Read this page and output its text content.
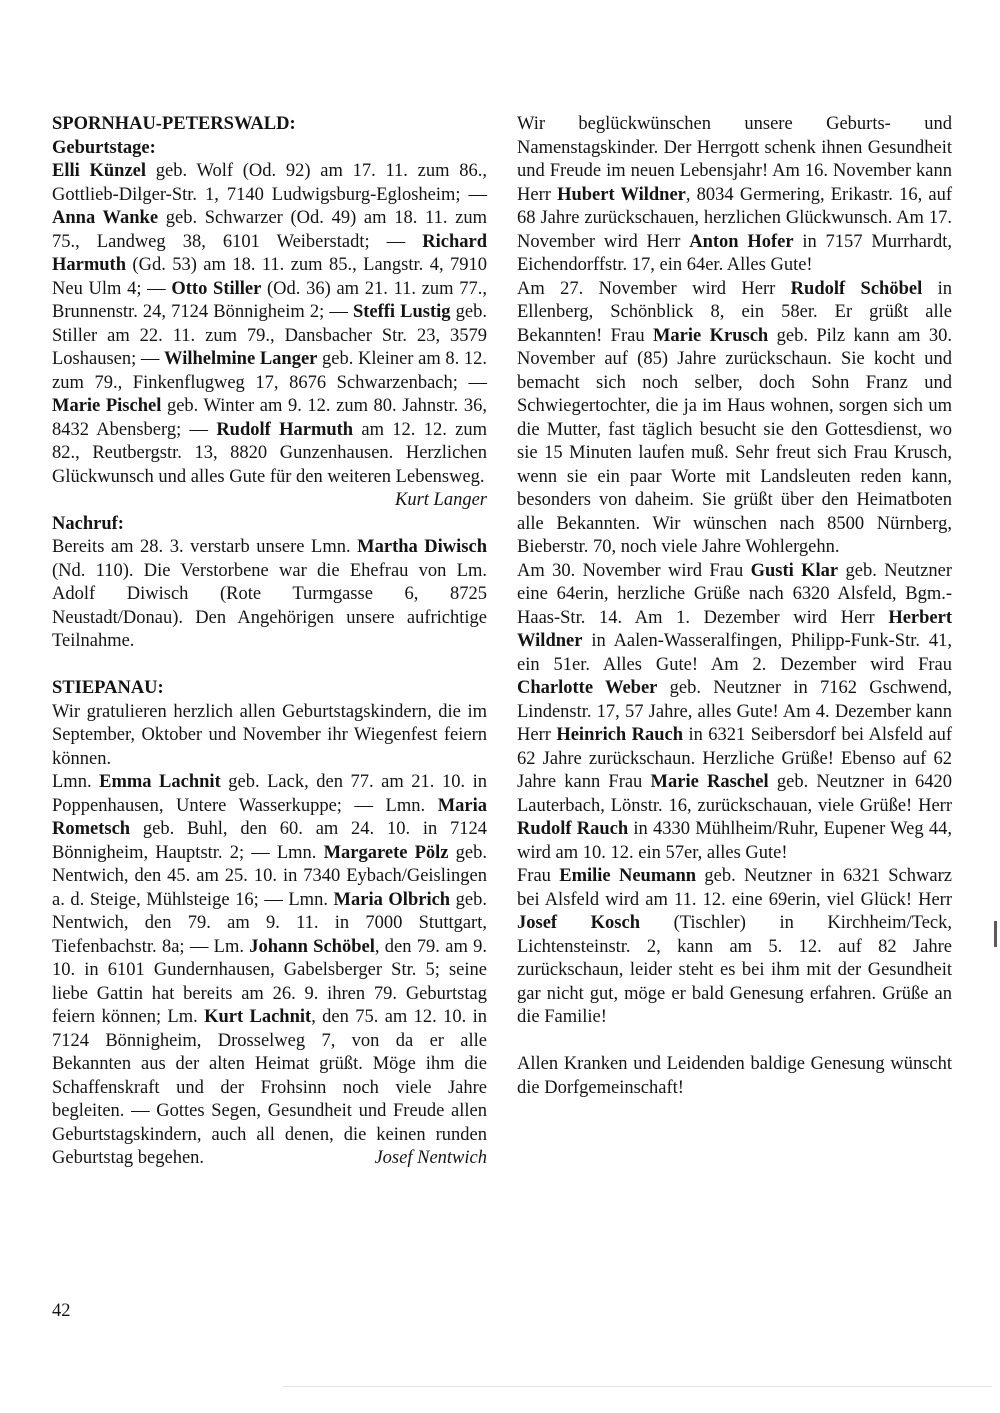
SPORNHAU-PETERSWALD:
Geburtstage:

Elli Künzel geb. Wolf (Od. 92) am 17. 11. zum 86., Gottlieb-Dilger-Str. 1, 7140 Ludwigsburg-Eglosheim; — Anna Wanke geb. Schwarzer (Od. 49) am 18. 11. zum 75., Landweg 38, 6101 Weiberstadt; — Richard Harmuth (Gd. 53) am 18. 11. zum 85., Langstr. 4, 7910 Neu Ulm 4; — Otto Stiller (Od. 36) am 21. 11. zum 77., Brunnenstr. 24, 7124 Bönnigheim 2; — Steffi Lustig geb. Stiller am 22. 11. zum 79., Dansbacher Str. 23, 3579 Loshausen; — Wilhelmine Langer geb. Kleiner am 8. 12. zum 79., Finkenflugweg 17, 8676 Schwarzenbach; — Marie Pischel geb. Winter am 9. 12. zum 80. Jahnstr. 36, 8432 Abensberg; — Rudolf Harmuth am 12. 12. zum 82., Reutbergstr. 13, 8820 Gunzenhausen. Herzlichen Glückwunsch und alles Gute für den weiteren Lebensweg.
Kurt Langer

Nachruf:

Bereits am 28. 3. verstarb unsere Lmn. Martha Diwisch (Nd. 110). Die Verstorbene war die Ehefrau von Lm. Adolf Diwisch (Rote Turmgasse 6, 8725 Neustadt/Donau). Den Angehörigen unsere aufrichtige Teilnahme.

STIEPANAU:

Wir gratulieren herzlich allen Geburtstagskindern, die im September, Oktober und November ihr Wiegenfest feiern können.

Lmn. Emma Lachnit geb. Lack, den 77. am 21. 10. in Poppenhausen, Untere Wasserkuppe; — Lmn. Maria Rometsch geb. Buhl, den 60. am 24. 10. in 7124 Bönnigheim, Hauptstr. 2; — Lmn. Margarete Pölz geb. Nentwich, den 45. am 25. 10. in 7340 Eybach/Geislingen a. d. Steige, Mühlsteige 16; — Lmn. Maria Olbrich geb. Nentwich, den 79. am 9. 11. in 7000 Stuttgart, Tiefenbachstr. 8a; — Lm. Johann Schöbel, den 79. am 9. 10. in 6101 Gundernhausen, Gabelsberger Str. 5; seine liebe Gattin hat bereits am 26. 9. ihren 79. Geburtstag feiern können; Lm. Kurt Lachnit, den 75. am 12. 10. in 7124 Bönnigheim, Drosselweg 7, von da er alle Bekannten aus der alten Heimat grüßt. Möge ihm die Schaffenskraft und der Frohsinn noch viele Jahre begleiten. — Gottes Segen, Gesundheit und Freude allen Geburtstagskindern, auch all denen, die keinen runden Geburtstag begehen.	Josef Nentwich

Wir beglückwünschen unsere Geburts- und Namenstagskinder. Der Herrgott schenk ihnen Gesundheit und Freude im neuen Lebensjahr! Am 16. November kann Herr Hubert Wildner, 8034 Germering, Erikastr. 16, auf 68 Jahre zurückschauen, herzlichen Glückwunsch. Am 17. November wird Herr Anton Hofer in 7157 Murrhardt, Eichendorffstr. 17, ein 64er. Alles Gute!

Am 27. November wird Herr Rudolf Schöbel in Ellenberg, Schönblick 8, ein 58er. Er grüßt alle Bekannten! Frau Marie Krusch geb. Pilz kann am 30. November auf (85) Jahre zurückschaun. Sie kocht und bemacht sich noch selber, doch Sohn Franz und Schwiegertochter, die ja im Haus wohnen, sorgen sich um die Mutter, fast täglich besucht sie den Gottesdienst, wo sie 15 Minuten laufen muß. Sehr freut sich Frau Krusch, wenn sie ein paar Worte mit Landsleuten reden kann, besonders von daheim. Sie grüßt über den Heimatboten alle Bekannten. Wir wünschen nach 8500 Nürnberg, Bieberstr. 70, noch viele Jahre Wohlergehn.

Am 30. November wird Frau Gusti Klar geb. Neutzner eine 64erin, herzliche Grüße nach 6320 Alsfeld, Bgm.-Haas-Str. 14. Am 1. Dezember wird Herr Herbert Wildner in Aalen-Wasseralfingen, Philipp-Funk-Str. 41, ein 51er. Alles Gute! Am 2. Dezember wird Frau Charlotte Weber geb. Neutzner in 7162 Gschwend, Lindenstr. 17, 57 Jahre, alles Gute! Am 4. Dezember kann Herr Heinrich Rauch in 6321 Seibersdorf bei Alsfeld auf 62 Jahre zurückschaun. Herzliche Grüße! Ebenso auf 62 Jahre kann Frau Marie Raschel geb. Neutzner in 6420 Lauterbach, Lönstr. 16, zurückschauan, viele Grüße! Herr Rudolf Rauch in 4330 Mühlheim/Ruhr, Eupener Weg 44, wird am 10. 12. ein 57er, alles Gute!

Frau Emilie Neumann geb. Neutzner in 6321 Schwarz bei Alsfeld wird am 11. 12. eine 69erin, viel Glück! Herr Josef Kosch (Tischler) in Kirchheim/Teck, Lichtensteinstr. 2, kann am 5. 12. auf 82 Jahre zurückschaun, leider steht es bei ihm mit der Gesundheit gar nicht gut, möge er bald Genesung erfahren. Grüße an die Familie!

Allen Kranken und Leidenden baldige Genesung wünscht die Dorfgemeinschaft!

42
